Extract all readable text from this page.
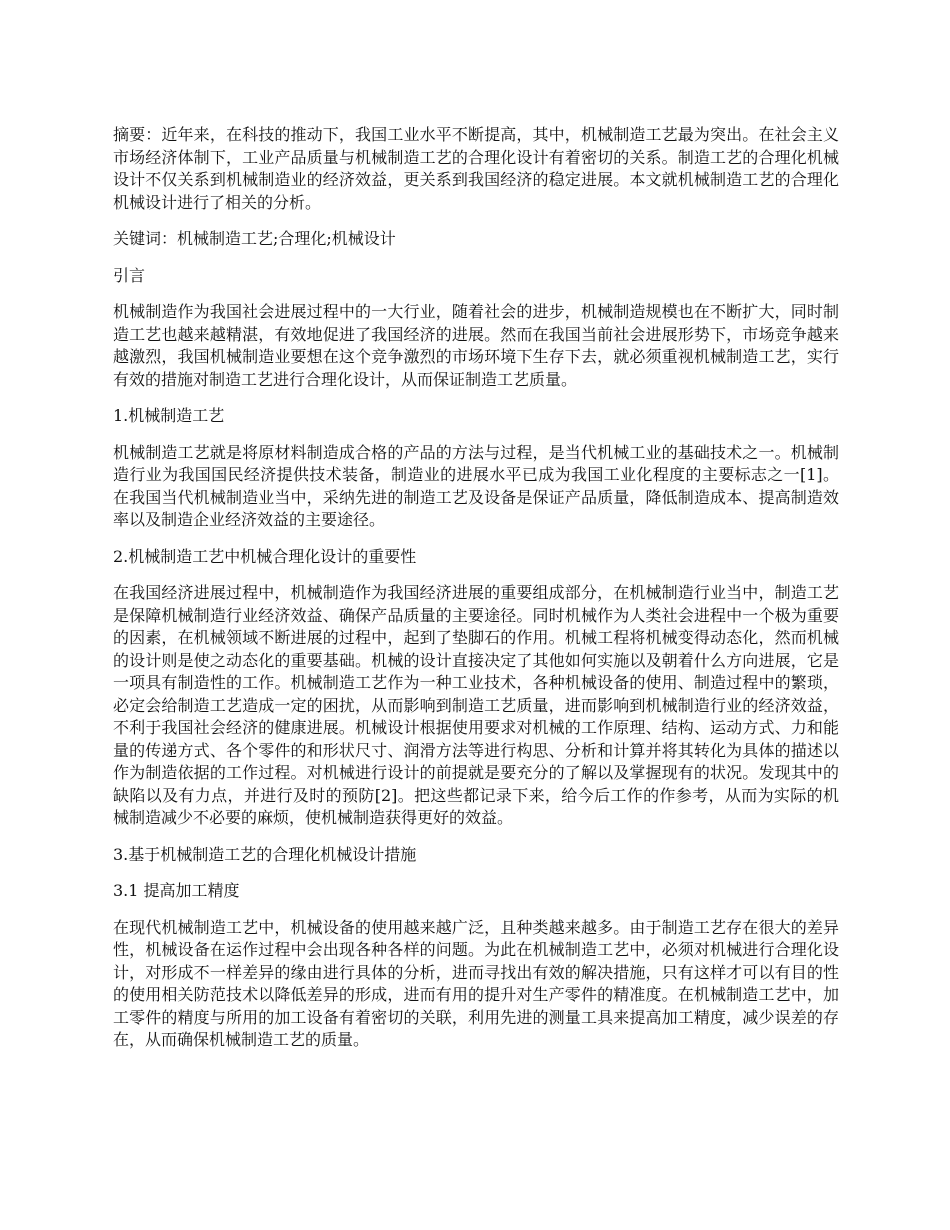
摘要：近年来，在科技的推动下，我国工业水平不断提高，其中，机械制造工艺最为突出。在社会主义市场经济体制下，工业产品质量与机械制造工艺的合理化设计有着密切的关系。制造工艺的合理化机械设计不仅关系到机械制造业的经济效益，更关系到我国经济的稳定进展。本文就机械制造工艺的合理化机械设计进行了相关的分析。

关键词：机械制造工艺;合理化;机械设计

引言

机械制造作为我国社会进展过程中的一大行业，随着社会的进步，机械制造规模也在不断扩大，同时制造工艺也越来越精湛，有效地促进了我国经济的进展。然而在我国当前社会进展形势下，市场竞争越来越激烈，我国机械制造业要想在这个竞争激烈的市场环境下生存下去，就必须重视机械制造工艺，实行有效的措施对制造工艺进行合理化设计，从而保证制造工艺质量。

1.机械制造工艺

机械制造工艺就是将原材料制造成合格的产品的方法与过程，是当代机械工业的基础技术之一。机械制造行业为我国国民经济提供技术装备，制造业的进展水平已成为我国工业化程度的主要标志之一[1]。在我国当代机械制造业当中，采纳先进的制造工艺及设备是保证产品质量，降低制造成本、提高制造效率以及制造企业经济效益的主要途径。

2.机械制造工艺中机械合理化设计的重要性

在我国经济进展过程中，机械制造作为我国经济进展的重要组成部分，在机械制造行业当中，制造工艺是保障机械制造行业经济效益、确保产品质量的主要途径。同时机械作为人类社会进程中一个极为重要的因素，在机械领域不断进展的过程中，起到了垫脚石的作用。机械工程将机械变得动态化，然而机械的设计则是使之动态化的重要基础。机械的设计直接决定了其他如何实施以及朝着什么方向进展，它是一项具有制造性的工作。机械制造工艺作为一种工业技术，各种机械设备的使用、制造过程中的繁琐，必定会给制造工艺造成一定的困扰，从而影响到制造工艺质量，进而影响到机械制造行业的经济效益，不利于我国社会经济的健康进展。机械设计根据使用要求对机械的工作原理、结构、运动方式、力和能量的传递方式、各个零件的和形状尺寸、润滑方法等进行构思、分析和计算并将其转化为具体的描述以作为制造依据的工作过程。对机械进行设计的前提就是要充分的了解以及掌握现有的状况。发现其中的缺陷以及有力点，并进行及时的预防[2]。把这些都记录下来，给今后工作的作参考，从而为实际的机械制造减少不必要的麻烦，使机械制造获得更好的效益。

3.基于机械制造工艺的合理化机械设计措施

3.1 提高加工精度

在现代机械制造工艺中，机械设备的使用越来越广泛，且种类越来越多。由于制造工艺存在很大的差异性，机械设备在运作过程中会出现各种各样的问题。为此在机械制造工艺中，必须对机械进行合理化设计，对形成不一样差异的缘由进行具体的分析，进而寻找出有效的解决措施，只有这样才可以有目的性的使用相关防范技术以降低差异的形成，进而有用的提升对生产零件的精准度。在机械制造工艺中，加工零件的精度与所用的加工设备有着密切的关联，利用先进的测量工具来提高加工精度，减少误差的存在，从而确保机械制造工艺的质量。
